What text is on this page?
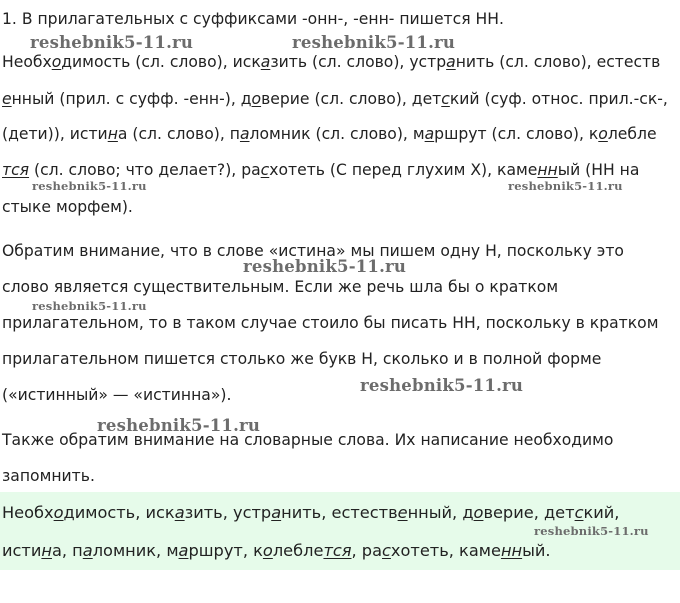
1. В прилагательных с суффиксами -онн-, -енн- пишется НН.
Необходимость (сл. слово), исказить (сл. слово), устранить (сл. слово), естеств
енный (прил. с суфф. -енн-), доверие (сл. слово), детский (суф. относ. прил.-ск-,
(дети)), истина (сл. слово), паломник (сл. слово), маршрут (сл. слово), колебле
тся (сл. слово; что делает?), расхотеть (С перед глухим Х), каменный (НН на
стыке морфем).
Обратим внимание, что в слове «истина» мы пишем одну Н, поскольку это
слово является существительным. Если же речь шла бы о кратком
прилагательном, то в таком случае стоило бы писать НН, поскольку в кратком
прилагательном пишется столько же букв Н, сколько и в полной форме
(«истинный» — «истинна»).
Также обратим внимание на словарные слова. Их написание необходимо
запомнить.
Необходимость, исказить, устранить, естественный, доверие, детский,
истина, паломник, маршрут, колеблется, расхотеть, каменный.
reshebnik5-11.ru	reshebnik5-11.ru
reshebnik5-11.ru	reshebnik5-11.ru
reshebnik5-11.ru
reshebnik5-11.ru
reshebnik5-11.ru
reshebnik5-11.ru
reshebnik5-11.ru
